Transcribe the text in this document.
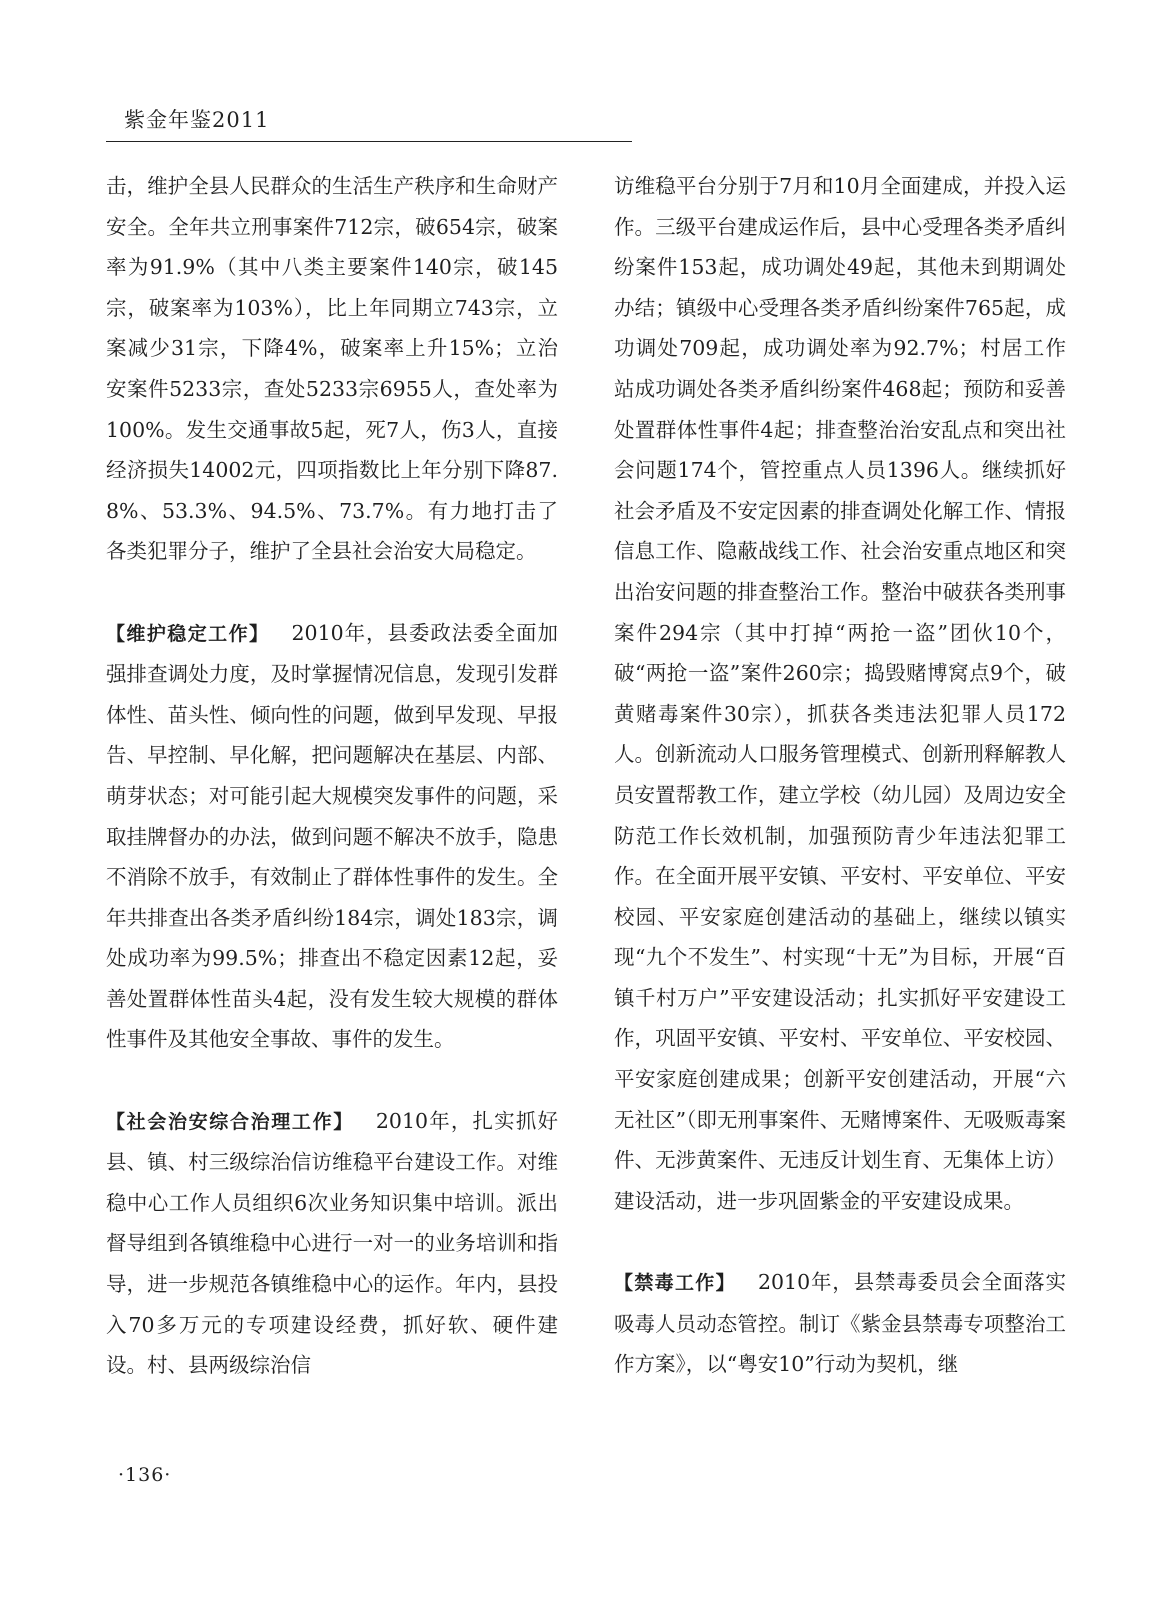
紫金年鉴2011

击，维护全县人民群众的生活生产秩序和生命财产安全。全年共立刑事案件712宗，破654宗，破案率为91.9%（其中八类主要案件140宗，破145宗，破案率为103%），比上年同期立743宗，立案减少31宗，下降4%，破案率上升15%；立治安案件5233宗，查处5233宗6955人，查处率为100%。发生交通事故5起，死7人，伤3人，直接经济损失14002元，四项指数比上年分别下降87.8%、53.3%、94.5%、73.7%。有力地打击了各类犯罪分子，维护了全县社会治安大局稳定。

【维护稳定工作】 2010年，县委政法委全面加强排查调处力度，及时掌握情况信息，发现引发群体性、苗头性、倾向性的问题，做到早发现、早报告、早控制、早化解，把问题解决在基层、内部、萌芽状态；对可能引起大规模突发事件的问题，采取挂牌督办的办法，做到问题不解决不放手，隐患不消除不放手，有效制止了群体性事件的发生。全年共排查出各类矛盾纠纷184宗，调处183宗，调处成功率为99.5%；排查出不稳定因素12起，妥善处置群体性苗头4起，没有发生较大规模的群体性事件及其他安全事故、事件的发生。

【社会治安综合治理工作】 2010年，扎实抓好县、镇、村三级综治信访维稳平台建设工作。对维稳中心工作人员组织6次业务知识集中培训。派出督导组到各镇维稳中心进行一对一的业务培训和指导，进一步规范各镇维稳中心的运作。年内，县投入70多万元的专项建设经费，抓好软、硬件建设。村、县两级综治信

访维稳平台分别于7月和10月全面建成，并投入运作。三级平台建成运作后，县中心受理各类矛盾纠纷案件153起，成功调处49起，其他未到期调处办结；镇级中心受理各类矛盾纠纷案件765起，成功调处709起，成功调处率为92.7%；村居工作站成功调处各类矛盾纠纷案件468起；预防和妥善处置群体性事件4起；排查整治治安乱点和突出社会问题174个，管控重点人员1396人。继续抓好社会矛盾及不安定因素的排查调处化解工作、情报信息工作、隐蔽战线工作、社会治安重点地区和突出治安问题的排查整治工作。整治中破获各类刑事案件294宗（其中打掉“两抢一盗”团伙10个，破“两抢一盗”案件260宗；捣毁赌博窝点9个，破黄赌毒案件30宗），抓获各类违法犯罪人员172人。创新流动人口服务管理模式、创新刑释解教人员安置帮教工作，建立学校（幼儿园）及周边安全防范工作长效机制，加强预防青少年违法犯罪工作。在全面开展平安镇、平安村、平安单位、平安校园、平安家庭创建活动的基础上，继续以镇实现“九个不发生”、村实现“十无”为目标，开展“百镇千村万户”平安建设活动；扎实抓好平安建设工作，巩固平安镇、平安村、平安单位、平安校园、平安家庭创建成果；创新平安创建活动，开展“六无社区”（即无刑事案件、无赌博案件、无吸贩毒案件、无涉黄案件、无违反计划生育、无集体上访）建设活动，进一步巩固紫金的平安建设成果。

【禁毒工作】 2010年，县禁毒委员会全面落实吸毒人员动态管控。制订《紫金县禁毒专项整治工作方案》，以“粤安10”行动为契机，继

·136·
